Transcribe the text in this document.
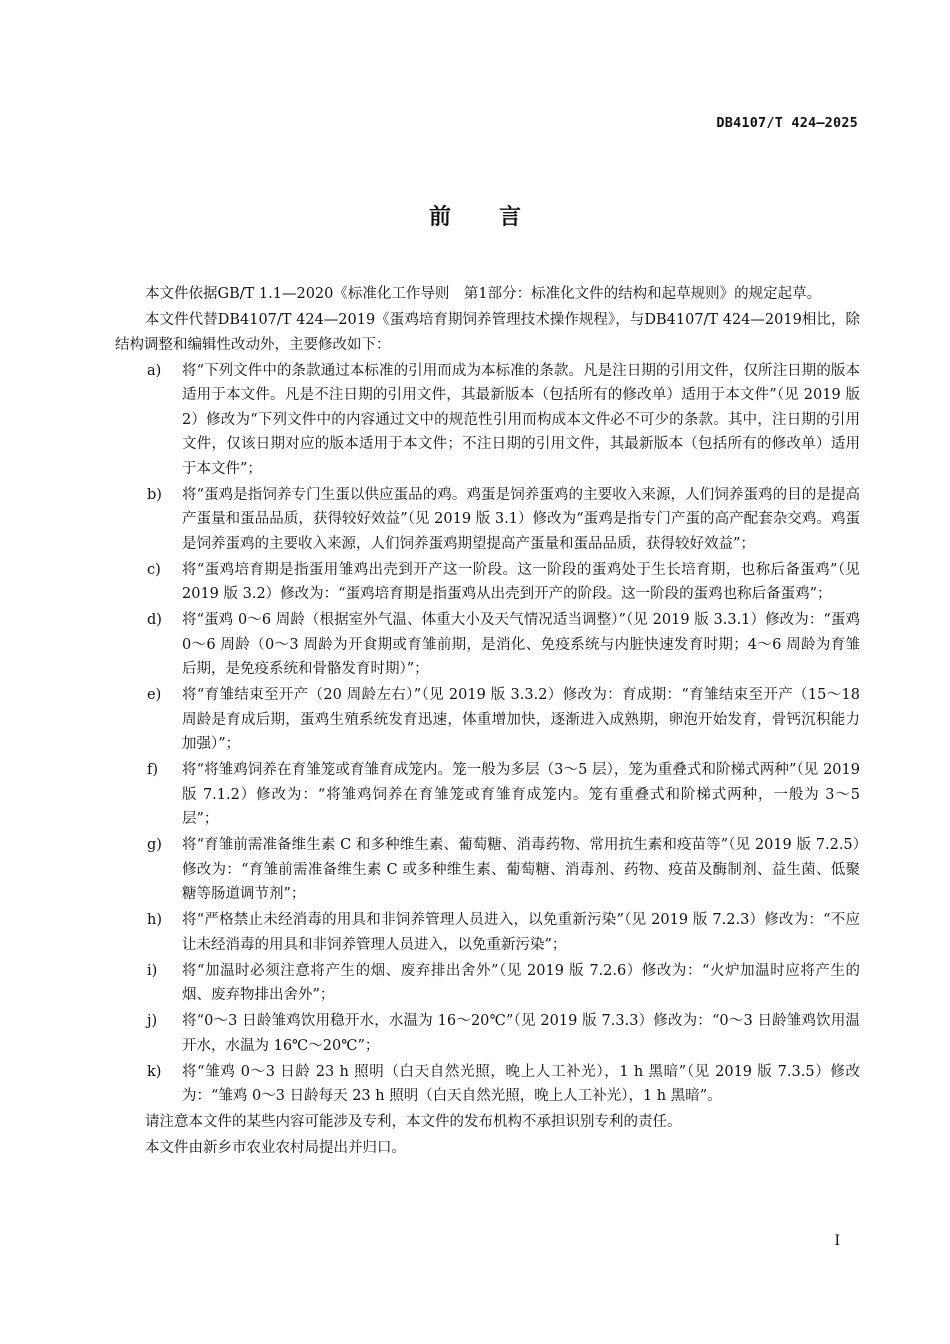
DB4107/T 424—2025
前言

本文件依据GB/T 1.1—2020《标准化工作导则　第1部分：标准化文件的结构和起草规则》的规定起草。

本文件代替DB4107/T 424—2019《蛋鸡培育期饲养管理技术操作规程》，与DB4107/T 424—2019相比，除结构调整和编辑性改动外，主要修改如下：

a) 将“下列文件中的条款通过本标准的引用而成为本标准的条款。凡是注日期的引用文件，仅所注日期的版本适用于本文件。凡是不注日期的引用文件，其最新版本（包括所有的修改单）适用于本文件”（见 2019 版 2）修改为“下列文件中的内容通过文中的规范性引用而构成本文件必不可少的条款。其中，注日期的引用文件，仅该日期对应的版本适用于本文件；不注日期的引用文件，其最新版本（包括所有的修改单）适用于本文件”；
b) 将“蛋鸡是指饲养专门生蛋以供应蛋品的鸡。鸡蛋是饲养蛋鸡的主要收入来源，人们饲养蛋鸡的目的是提高产蛋量和蛋品品质，获得较好效益”（见 2019 版 3.1）修改为“蛋鸡是指专门产蛋的高产配套杂交鸡。鸡蛋是饲养蛋鸡的主要收入来源，人们饲养蛋鸡期望提高产蛋量和蛋品品质，获得较好效益”；
c) 将“蛋鸡培育期是指蛋用雏鸡出壳到开产这一阶段。这一阶段的蛋鸡处于生长培育期，也称后备蛋鸡”（见 2019 版 3.2）修改为：“蛋鸡培育期是指蛋鸡从出壳到开产的阶段。这一阶段的蛋鸡也称后备蛋鸡”；
d) 将“蛋鸡 0～6 周龄（根据室外气温、体重大小及天气情况适当调整）”（见 2019 版 3.3.1）修改为：“蛋鸡 0～6 周龄（0～3 周龄为开食期或育雏前期，是消化、免疫系统与内脏快速发育时期；4～6 周龄为育雏后期，是免疫系统和骨骼发育时期）”；
e) 将“育雏结束至开产（20 周龄左右）”（见 2019 版 3.3.2）修改为：育成期：“育雏结束至开产（15～18 周龄是育成后期，蛋鸡生殖系统发育迅速，体重增加快，逐渐进入成熟期，卵泡开始发育，骨钙沉积能力加强）”；
f) 将“将雏鸡饲养在育雏笼或育雏育成笼内。笼一般为多层（3～5 层），笼为重叠式和阶梯式两种”（见 2019 版 7.1.2）修改为：“将雏鸡饲养在育雏笼或育雏育成笼内。笼有重叠式和阶梯式两种，一般为 3～5 层”；
g) 将“育雏前需准备维生素 C 和多种维生素、葡萄糖、消毒药物、常用抗生素和疫苗等”（见 2019 版 7.2.5）修改为：“育雏前需准备维生素 C 或多种维生素、葡萄糖、消毒剂、药物、疫苗及酶制剂、益生菌、低聚糖等肠道调节剂”；
h) 将“严格禁止未经消毒的用具和非饲养管理人员进入，以免重新污染”（见 2019 版 7.2.3）修改为：“不应让未经消毒的用具和非饲养管理人员进入，以免重新污染”；
i) 将“加温时必须注意将产生的烟、废弃排出舍外”（见 2019 版 7.2.6）修改为：“火炉加温时应将产生的烟、废弃物排出舍外”；
j) 将“0～3 日龄雏鸡饮用稳开水，水温为 16～20℃”（见 2019 版 7.3.3）修改为：“0～3 日龄雏鸡饮用温开水，水温为 16℃～20℃”；
k) 将“雏鸡 0～3 日龄 23 h 照明（白天自然光照，晚上人工补光），1 h 黑暗”（见 2019 版 7.3.5）修改为：“雏鸡 0～3 日龄每天 23 h 照明（白天自然光照，晚上人工补光），1 h 黑暗”。

请注意本文件的某些内容可能涉及专利，本文件的发布机构不承担识别专利的责任。

本文件由新乡市农业农村局提出并归口。

I
